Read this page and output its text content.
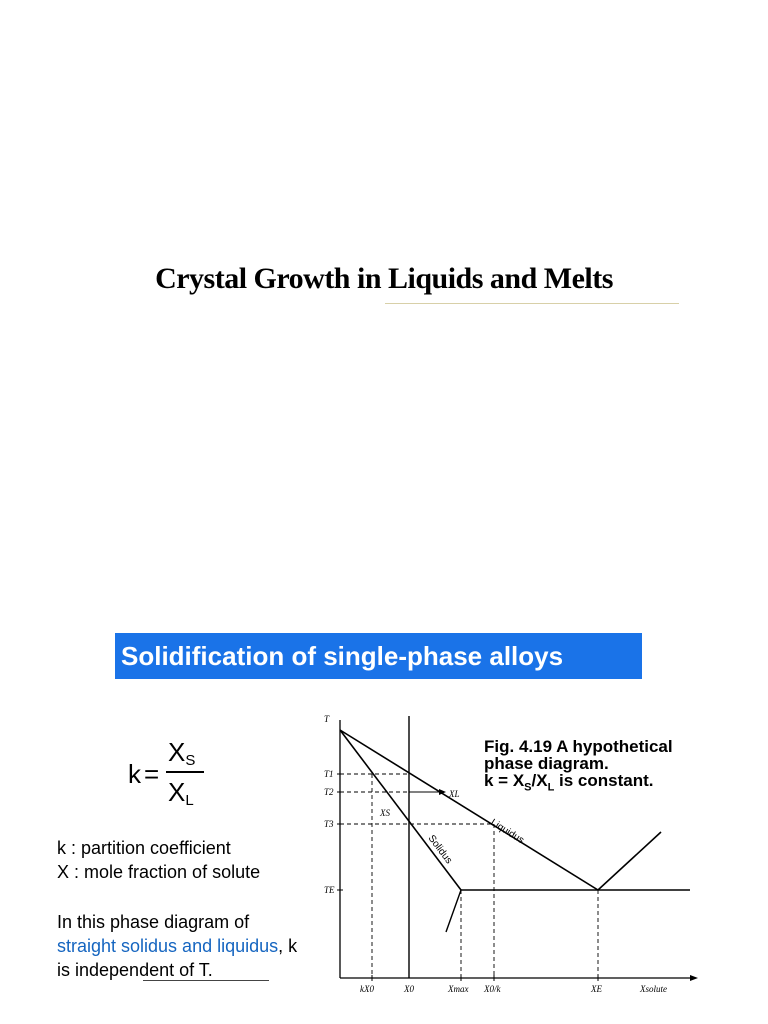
Crystal Growth in Liquids and Melts
Solidification of single-phase alloys
k =
$X_S$
$X_L$
k : partition coefficient
X : mole fraction of solute
In this phase diagram of straight solidus and liquidus, k is independent of T.
T
T1
T2
T3
TE
kX0	X0	Xmax X0/k	XE	Xsolute
XL
XS
Liquidus
Solidus
Fig. 4.19 A hypothetical
phase diagram.
$k = X_S/X_L$ is constant.
